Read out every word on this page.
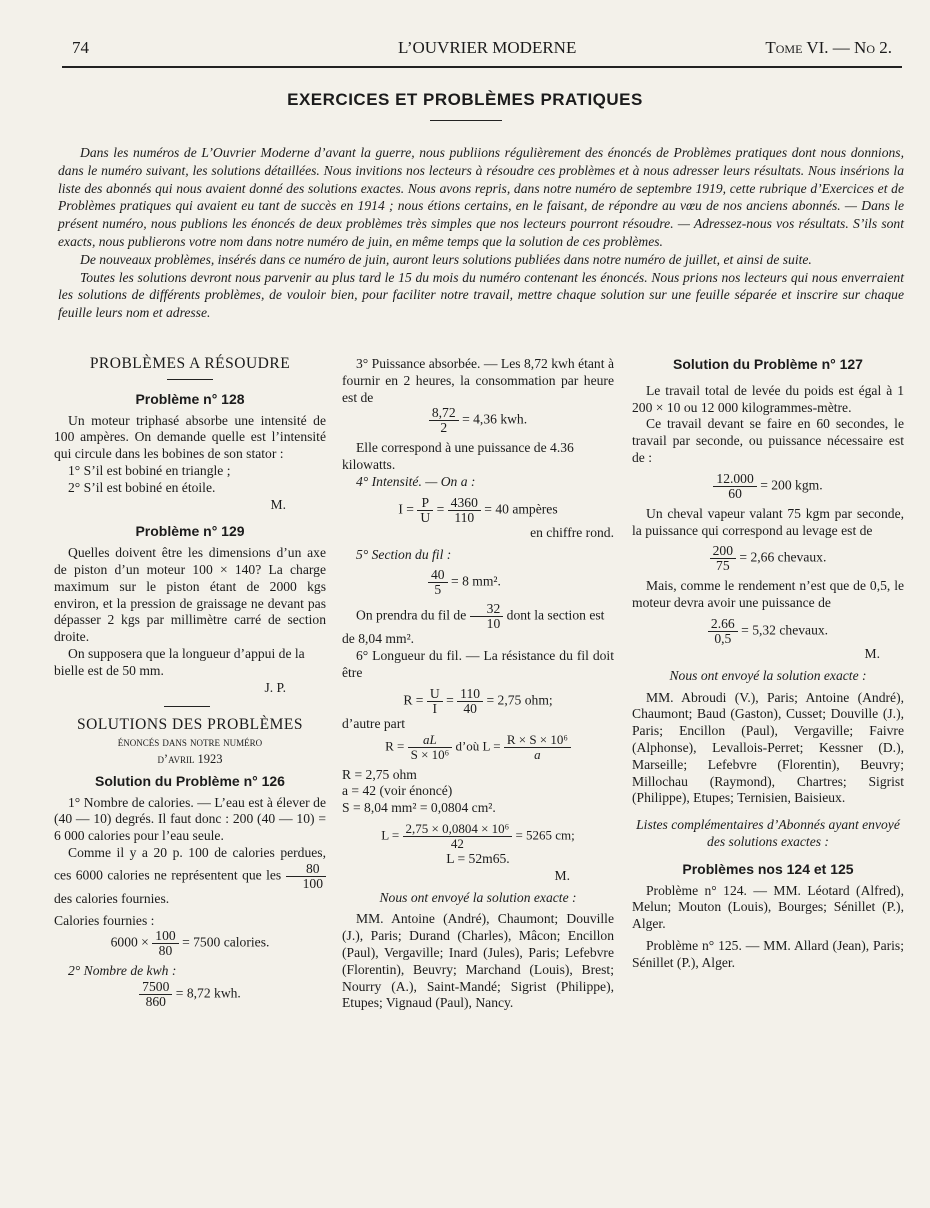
74	L’OUVRIER MODERNE	Tome VI. — No 2.
EXERCICES ET PROBLÈMES PRATIQUES

Dans les numéros de L’Ouvrier Moderne d’avant la guerre, nous publiions régulièrement des énoncés de Problèmes pratiques dont nous donnions, dans le numéro suivant, les solutions détaillées. Nous invitions nos lecteurs à résoudre ces problèmes et à nous adresser leurs résultats. Nous insérions la liste des abonnés qui nous avaient donné des solutions exactes. Nous avons repris, dans notre numéro de septembre 1919, cette rubrique d’Exercices et de Problèmes pratiques qui avaient eu tant de succès en 1914 ; nous étions certains, en le faisant, de répondre au vœu de nos anciens abonnés. — Dans le présent numéro, nous publions les énoncés de deux problèmes très simples que nos lecteurs pourront résoudre. — Adressez-nous vos résultats. S’ils sont exacts, nous publierons votre nom dans notre numéro de juin, en même temps que la solution de ces problèmes.

De nouveaux problèmes, insérés dans ce numéro de juin, auront leurs solutions publiées dans notre numéro de juillet, et ainsi de suite.

Toutes les solutions devront nous parvenir au plus tard le 15 du mois du numéro contenant les énoncés. Nous prions nos lecteurs qui nous enverraient les solutions de différents problèmes, de vouloir bien, pour faciliter notre travail, mettre chaque solution sur une feuille séparée et inscrire sur chaque feuille leurs nom et adresse.

PROBLÈMES A RÉSOUDRE
Problème n° 128

Un moteur triphasé absorbe une intensité de 100 ampères. On demande quelle est l’intensité qui circule dans les bobines de son stator :

1° S’il est bobiné en triangle ;

2° S’il est bobiné en étoile.

M.

Problème n° 129

Quelles doivent être les dimensions d’un axe de piston d’un moteur 100 × 140? La charge maximum sur le piston étant de 2000 kgs environ, et la pression de graissage ne devant pas dépasser 2 kgs par millimètre carré de section droite.

On supposera que la longueur d’appui de la bielle est de 50 mm.

J. P.

SOLUTIONS DES PROBLÈMES
énoncés dans notre numéro
d’avril 1923
Solution du Problème n° 126

1° Nombre de calories. — L’eau est à élever de (40 — 10) degrés. Il faut donc : 200 (40 — 10) = 6 000 calories pour l’eau seule.

Comme il y a 20 p. 100 de calories perdues, ces 6000 calories ne représentent que les $\frac{80}{100}$
des calories fournies.

Calories fournies :

$6000 \times \frac{100}{80} = 7500$ calories.

2° Nombre de kwh :

$\frac{7500}{860} = 8,72$ kwh.

3° Puissance absorbée. — Les 8,72 kwh étant à fournir en 2 heures, la consommation par heure est de

$\frac{8,72}{2} = 4,36$ kwh.

Elle correspond à une puissance de 4.36 kilowatts.

4° Intensité. — On a :

$I = \frac{P}{U} = \frac{4360}{110} = 40$ ampères

en chiffre rond.

5° Section du fil :

$\frac{40}{5} = 8$ mm².

On prendra du fil de $\frac{32}{10}$ dont la section est de 8,04 mm².

6° Longueur du fil. — La résistance du fil doit être

$R = \frac{U}{I} = \frac{110}{40} = 2,75$ ohm;

d’autre part

$R = \frac{aL}{\text{S × 10⁶}}$ d’où $L = \frac{\text{R × S × 10⁶}}{a}$

R = 2,75 ohm

a = 42 (voir énoncé)

S = 8,04 mm² = 0,0804 cm².

$L = \frac{\text{2,75 × 0,0804 × 10⁶}}{42} = 5265$ cm;
L = 52m65.

M.

Nous ont envoyé la solution exacte :

MM. Antoine (André), Chaumont; Douville (J.), Paris; Durand (Charles), Mâcon; Encillon (Paul), Vergaville; Inard (Jules), Paris; Lefebvre (Florentin), Beuvry; Marchand (Louis), Brest; Nourry (A.), Saint-Mandé; Sigrist (Philippe), Etupes; Vignaud (Paul), Nancy.

Solution du Problème n° 127

Le travail total de levée du poids est égal à 1 200 × 10 ou 12 000 kilogrammes-mètre.

Ce travail devant se faire en 60 secondes, le travail par seconde, ou puissance nécessaire est de :

$\frac{12.000}{60} = 200$ kgm.

Un cheval vapeur valant 75 kgm par seconde, la puissance qui correspond au levage est de

$\frac{200}{75} = 2,66$ chevaux.

Mais, comme le rendement n’est que de 0,5, le moteur devra avoir une puissance de

$\frac{2.66}{0,5} = 5,32$ chevaux.

M.

Nous ont envoyé la solution exacte :

MM. Abroudi (V.), Paris; Antoine (André), Chaumont; Baud (Gaston), Cusset; Douville (J.), Paris; Encillon (Paul), Vergaville; Faivre (Alphonse), Levallois-Perret; Kessner (D.), Marseille; Lefebvre (Florentin), Beuvry; Millochau (Raymond), Chartres; Sigrist (Philippe), Etupes; Ternisien, Baisieux.

Listes complémentaires d’Abonnés ayant envoyé des solutions exactes :

Problèmes nos 124 et 125

Problème n° 124. — MM. Léotard (Alfred), Melun; Mouton (Louis), Bourges; Sénillet (P.), Alger.

Problème n° 125. — MM. Allard (Jean), Paris; Sénillet (P.), Alger.
